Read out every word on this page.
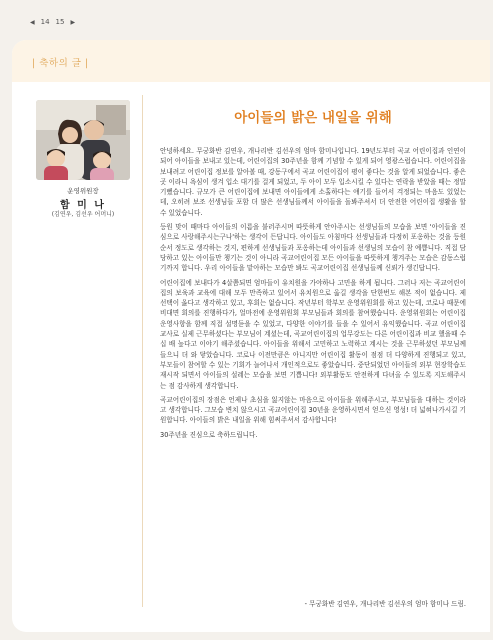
◀ 14 15 ▶
| 축하의 글 |
운영위원장
함 미 나
(김연우, 김선우 어머니)
아이들의 밝은 내일을 위해

안녕하세요. 무궁화반 김연우, 개나리반 김선우의 엄마 함미나입니다. 19년도부터 곡교 어린이집과 인연이 되어 아이들을 보내고 있는데, 어린이집의 30주년을 함께 기념할 수 있게 되어 영광스럽습니다. 어린이집을 보내려고 어린이집 정보를 알아볼 때, 강동구에서 곡교 어린이집이 평이 좋다는 것을 알게 되었습니다. 좋은 곳 이라니 욕심이 생겨 입소 대기를 걸게 되었고, 두 아이 모두 입소시킬 수 있다는 연락을 받았을 때는 정말 기뻤습니다. 규모가 큰 어린이집에 보내면 아이들에게 소홀하다는 얘기를 들어서 걱정되는 마음도 있었는데, 오히려 보조 선생님들 포함 더 많은 선생님들께서 아이들을 돌봐주셔서 더 안전한 어린이집 생활을 할 수 있었습니다.

등원 맞이 때마다 아이들의 이름을 불러주시며 따뜻하게 안아주시는 선생님들의 모습을 보면 '아이들을 진심으로 사랑해주시는구나'하는 생각이 든답니다. 아이들도 아침마다 선생님들과 다정히 포옹하는 것을 등원순서 정도로 생각하는 것지, 편하게 선생님들과 포옹하는데 아이들과 선생님의 모습이 참 예쁩니다. 직접 담당하고 있는 아이들만 챙기는 것이 아니라 곡교어린이집 모든 아이들을 따뜻하게 챙겨주는 모습은 감동스럽기까지 합니다. 우리 아이들을 맡아하는 모습만 봐도 곡교어린이집 선생님들께 신뢰가 생긴답니다.

어린이집에 보내다가 4살쯤되면 엄마들이 유치원을 가야하나 고민을 하게 됩니다. 그러나 저는 곡교어린이집의 보육과 교육에 대해 모두 만족하고 있어서 유치원으로 옮길 생각을 단한번도 해본 적이 없습니다. 제 선택이 옳다고 생각하고 있고, 후회는 없습니다. 작년부터 학부모 운영위원회를 하고 있는데, 코로나 때문에 비대면 회의를 진행하다가, 얼마전에 운영위원회 부모님들과 회의를 참여했습니다. 운영위원회는 어린이집 운영사항을 함께 직접 설명듣을 수 있었고, 다양한 이야기를 들을 수 있어서 유익했습니다. 곡교 어린이집 교사로 실제 근무하셨다는 부모님이 계셨는데, 곡교어린이집의 업무강도는 다른 어린이집과 비교 했을때 수십 배 높다고 이야기 해주셨습니다. 아이들을 위해서 고민하고 노력하고 계시는 것을 근무하셨던 부모님께 들으니 더 와 닿았습니다. 코로나 이전만큼은 아니지만 어린이집 활동이 점점 더 다양하게 진행되고 있고, 부모들이 참여할 수 있는 기회가 늘어나서 개인적으로도 좋았습니다. 중단되었던 아이들의 외부 현장학습도 재시작 되면서 아이들의 설레는 모습을 보면 기쁩니다! 외부활동도 안전하게 다녀올 수 있도록 지도해주시는 점 감사하게 생각합니다.

곡교어린이집의 장점은 언제나 초심을 잃지않는 마음으로 아이들을 위해주시고, 부모님들을 대하는 것이라고 생각합니다. 그모습 변치 않으시고 곡교어린이집 30년을 운영하시면서 얻으신 영성! 더 넓혀나가시길 기원합니다. 아이들의 밝은 내일을 위해 힘써주셔서 감사합니다!

30주년을 진심으로 축하드립니다.

- 무궁화반 김연우, 개나리반 김선우의 엄마 함미나 드림.
